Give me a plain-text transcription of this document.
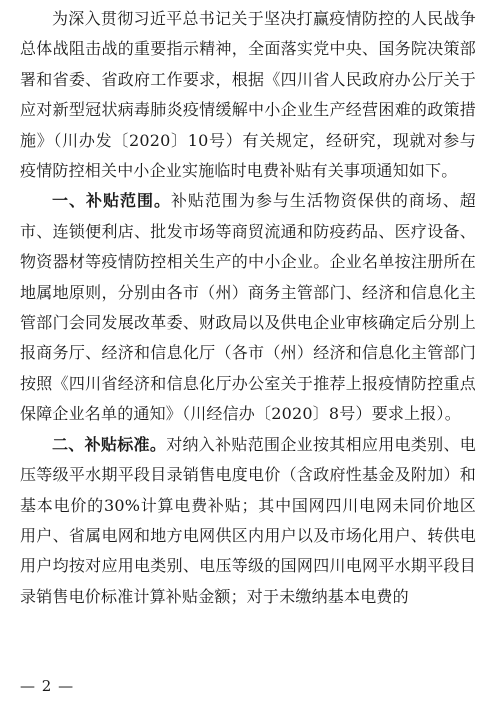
为深入贯彻习近平总书记关于坚决打赢疫情防控的人民战争总体战阻击战的重要指示精神，全面落实党中央、国务院决策部署和省委、省政府工作要求，根据《四川省人民政府办公厅关于应对新型冠状病毒肺炎疫情缓解中小企业生产经营困难的政策措施》（川办发〔2020〕10号）有关规定，经研究，现就对参与疫情防控相关中小企业实施临时电费补贴有关事项通知如下。

一、补贴范围。补贴范围为参与生活物资保供的商场、超市、连锁便利店、批发市场等商贸流通和防疫药品、医疗设备、物资器材等疫情防控相关生产的中小企业。企业名单按注册所在地属地原则，分别由各市（州）商务主管部门、经济和信息化主管部门会同发展改革委、财政局以及供电企业审核确定后分别上报商务厅、经济和信息化厅（各市（州）经济和信息化主管部门按照《四川省经济和信息化厅办公室关于推荐上报疫情防控重点保障企业名单的通知》（川经信办〔2020〕8号）要求上报）。

二、补贴标准。对纳入补贴范围企业按其相应用电类别、电压等级平水期平段目录销售电度电价（含政府性基金及附加）和基本电价的30%计算电费补贴；其中国网四川电网未同价地区用户、省属电网和地方电网供区内用户以及市场化用户、转供电用户均按对应用电类别、电压等级的国网四川电网平水期平段目录销售电价标准计算补贴金额；对于未缴纳基本电费的

— 2 —
